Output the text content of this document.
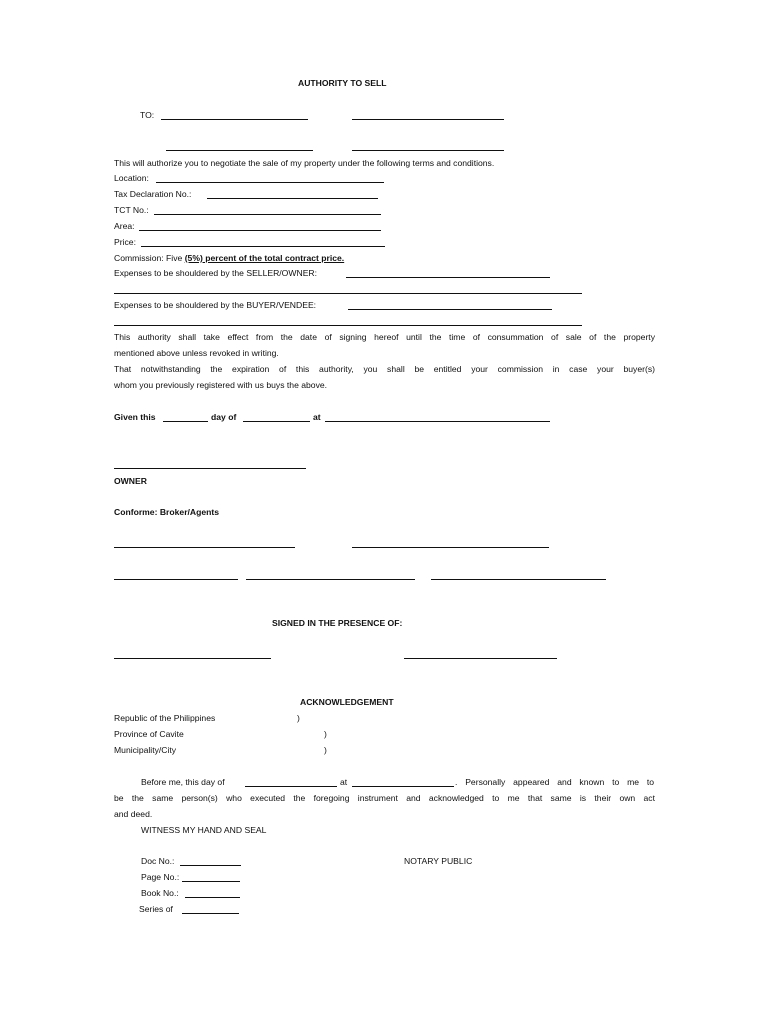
AUTHORITY TO SELL
TO:
This will authorize you to negotiate the sale of my property under the following terms and conditions.
Location:
Tax Declaration No.:
TCT No.:
Area:
Price:
Commission: Five (5%) percent of the total contract price.
Expenses to be shouldered by the SELLER/OWNER:
Expenses to be shouldered by the BUYER/VENDEE:
This authority shall take effect from the date of signing hereof until the time of consummation of sale of the property
mentioned above unless revoked in writing.
That notwithstanding the expiration of this authority, you shall be entitled your commission in case your buyer(s)
whom you previously registered with us buys the above.
Given this	day of	at
OWNER
Conforme: Broker/Agents
SIGNED IN THE PRESENCE OF:
ACKNOWLEDGEMENT
Republic of the Philippines	)
Province of Cavite	)
Municipality/City	)
Before me, this day of	at	. Personally appeared and known to me to
be the same person(s) who executed the foregoing instrument and acknowledged to me that same is their own act
and deed.
WITNESS MY HAND AND SEAL
Doc No.:	NOTARY PUBLIC
Page No.:
Book No.:
Series of
